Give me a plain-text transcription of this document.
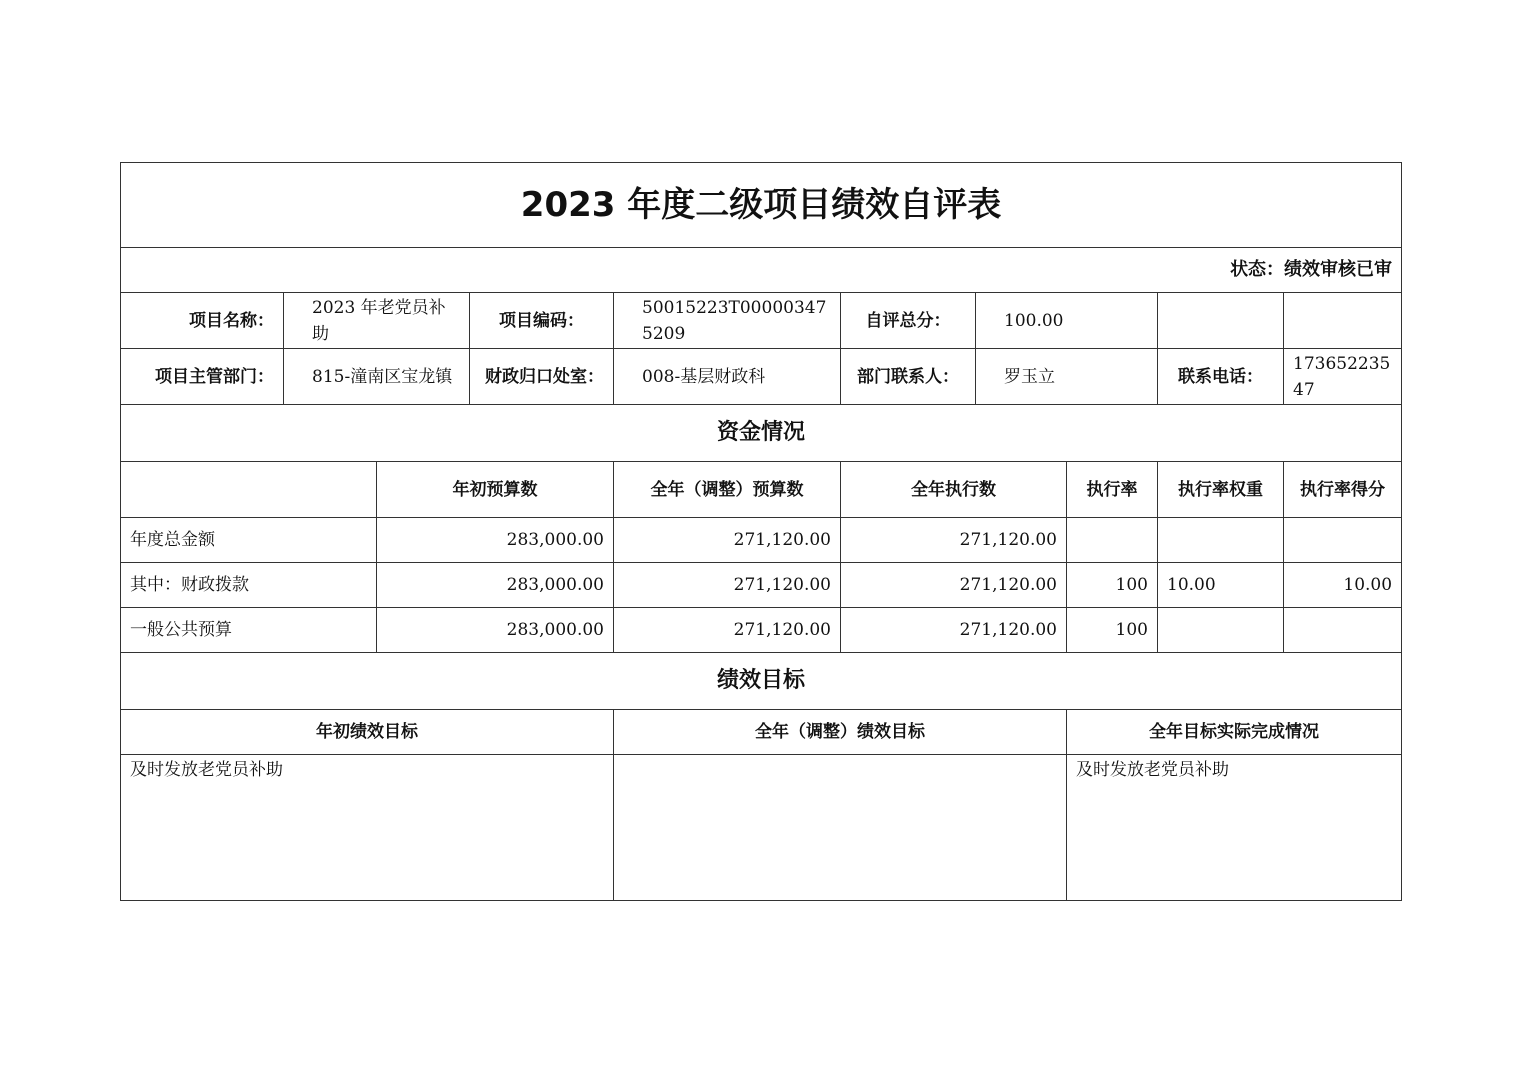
2023 年度二级项目绩效自评表									
状态：绩效审核已审									
项目名称：	2023 年老党员补助		项目编码：	50015223T000003475209	自评总分：	100.00			
项目主管部门：	815-潼南区宝龙镇		财政归口处室：	008-基层财政科	部门联系人：	罗玉立		联系电话：	17365223547
资金情况									
		年初预算数		全年（调整）预算数	全年执行数		执行率	执行率权重	执行率得分
年度总金额		283,000.00		271,120.00	271,120.00				
其中：财政拨款		283,000.00		271,120.00	271,120.00		100	10.00	10.00
一般公共预算		283,000.00		271,120.00	271,120.00		100		
绩效目标									
年初绩效目标				全年（调整）绩效目标			全年目标实际完成情况		
及时发放老党员补助							及时发放老党员补助		
